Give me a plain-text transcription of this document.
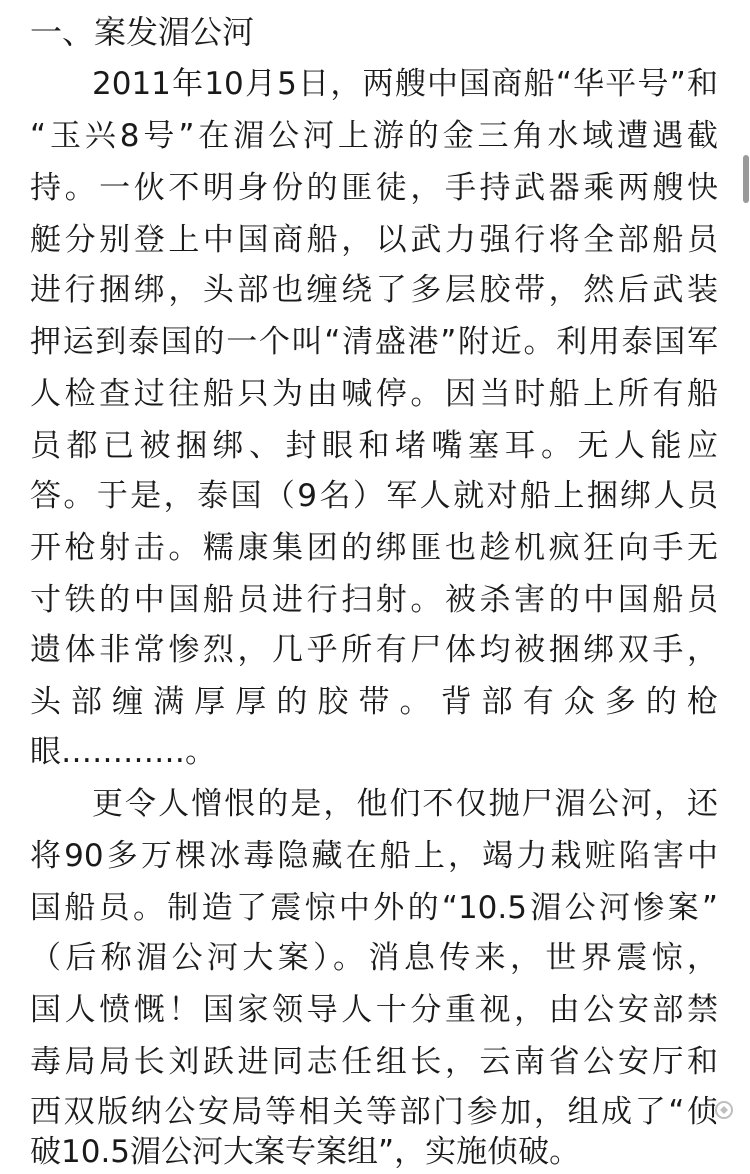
一、案发湄公河
2011年10月5日，两艘中国商船“华平号”和
“玉兴8号”在湄公河上游的金三角水域遭遇截
持。一伙不明身份的匪徒，手持武器乘两艘快
艇分别登上中国商船，以武力强行将全部船员
进行捆绑，头部也缠绕了多层胶带，然后武装
押运到泰国的一个叫“清盛港”附近。利用泰国军
人检查过往船只为由喊停。因当时船上所有船
员都已被捆绑、封眼和堵嘴塞耳。无人能应
答。于是，泰国（9名）军人就对船上捆绑人员
开枪射击。糯康集团的绑匪也趁机疯狂向手无
寸铁的中国船员进行扫射。被杀害的中国船员
遗体非常惨烈，几乎所有尸体均被捆绑双手，
头部缠满厚厚的胶带。背部有众多的枪
眼…………。
更令人憎恨的是，他们不仅抛尸湄公河，还
将90多万棵冰毒隐藏在船上，竭力栽赃陷害中
国船员。制造了震惊中外的“10.5湄公河惨案”
（后称湄公河大案）。消息传来，世界震惊，
国人愤慨！国家领导人十分重视，由公安部禁
毒局局长刘跃进同志任组长，云南省公安厅和
西双版纳公安局等相关等部门参加，组成了“侦
破10.5湄公河大案专案组”，实施侦破。
